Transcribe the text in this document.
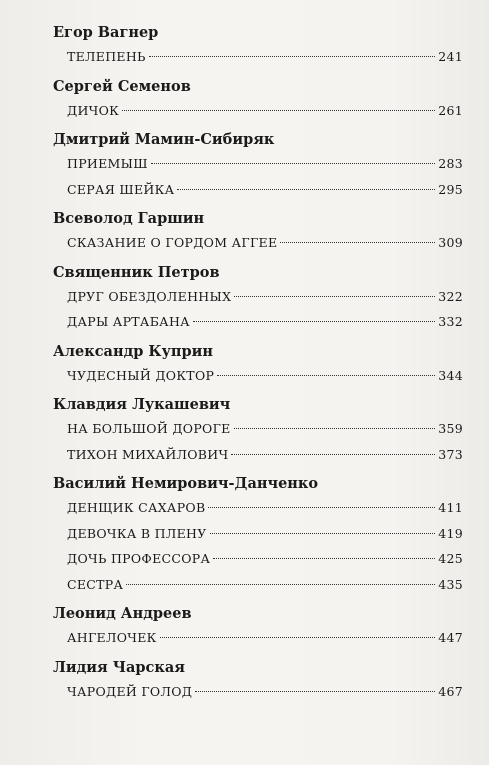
Егор Вагнер
ТЕЛЕПЕНЬ	241
Сергей Семенов
ДИЧОК	261
Дмитрий Мамин-Сибиряк
ПРИЕМЫШ	283
СЕРАЯ ШЕЙКА	295
Всеволод Гаршин
СКАЗАНИЕ О ГОРДОМ АГГЕЕ	309
Священник Петров
ДРУГ ОБЕЗДОЛЕННЫХ	322
ДАРЫ АРТАБАНА	332
Александр Куприн
ЧУДЕСНЫЙ ДОКТОР	344
Клавдия Лукашевич
НА БОЛЬШОЙ ДОРОГЕ	359
ТИХОН МИХАЙЛОВИЧ	373
Василий Немирович-Данченко
ДЕНЩИК САХАРОВ	411
ДЕВОЧКА В ПЛЕНУ	419
ДОЧЬ ПРОФЕССОРА	425
СЕСТРА	435
Леонид Андреев
АНГЕЛОЧЕК	447
Лидия Чарская
ЧАРОДЕЙ ГОЛОД	467
